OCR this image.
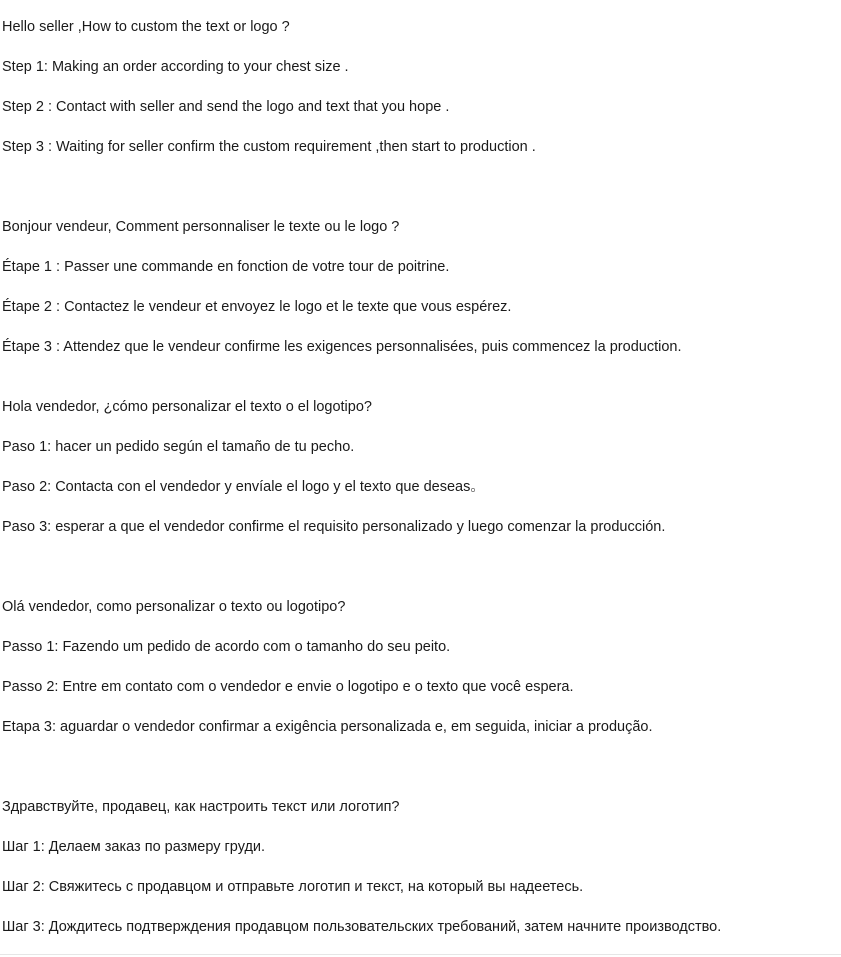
Hello seller ,How to custom the text or logo ?
Step 1: Making an order according to your chest size .
Step 2 : Contact with seller and send the logo and text that you hope .
Step 3 : Waiting for seller confirm the custom requirement ,then start to production .
Bonjour vendeur, Comment personnaliser le texte ou le logo ?
Étape 1 : Passer une commande en fonction de votre tour de poitrine.
Étape 2 : Contactez le vendeur et envoyez le logo et le texte que vous espérez.
Étape 3 : Attendez que le vendeur confirme les exigences personnalisées, puis commencez la production.
Hola vendedor, ¿cómo personalizar el texto o el logotipo?
Paso 1: hacer un pedido según el tamaño de tu pecho.
Paso 2: Contacta con el vendedor y envíale el logo y el texto que deseas。
Paso 3: esperar a que el vendedor confirme el requisito personalizado y luego comenzar la producción.
Olá vendedor, como personalizar o texto ou logotipo?
Passo 1: Fazendo um pedido de acordo com o tamanho do seu peito.
Passo 2: Entre em contato com o vendedor e envie o logotipo e o texto que você espera.
Etapa 3: aguardar o vendedor confirmar a exigência personalizada e, em seguida, iniciar a produção.
Здравствуйте, продавец, как настроить текст или логотип?
Шаг 1: Делаем заказ по размеру груди.
Шаг 2: Свяжитесь с продавцом и отправьте логотип и текст, на который вы надеетесь.
Шаг 3: Дождитесь подтверждения продавцом пользовательских требований, затем начните производство.
